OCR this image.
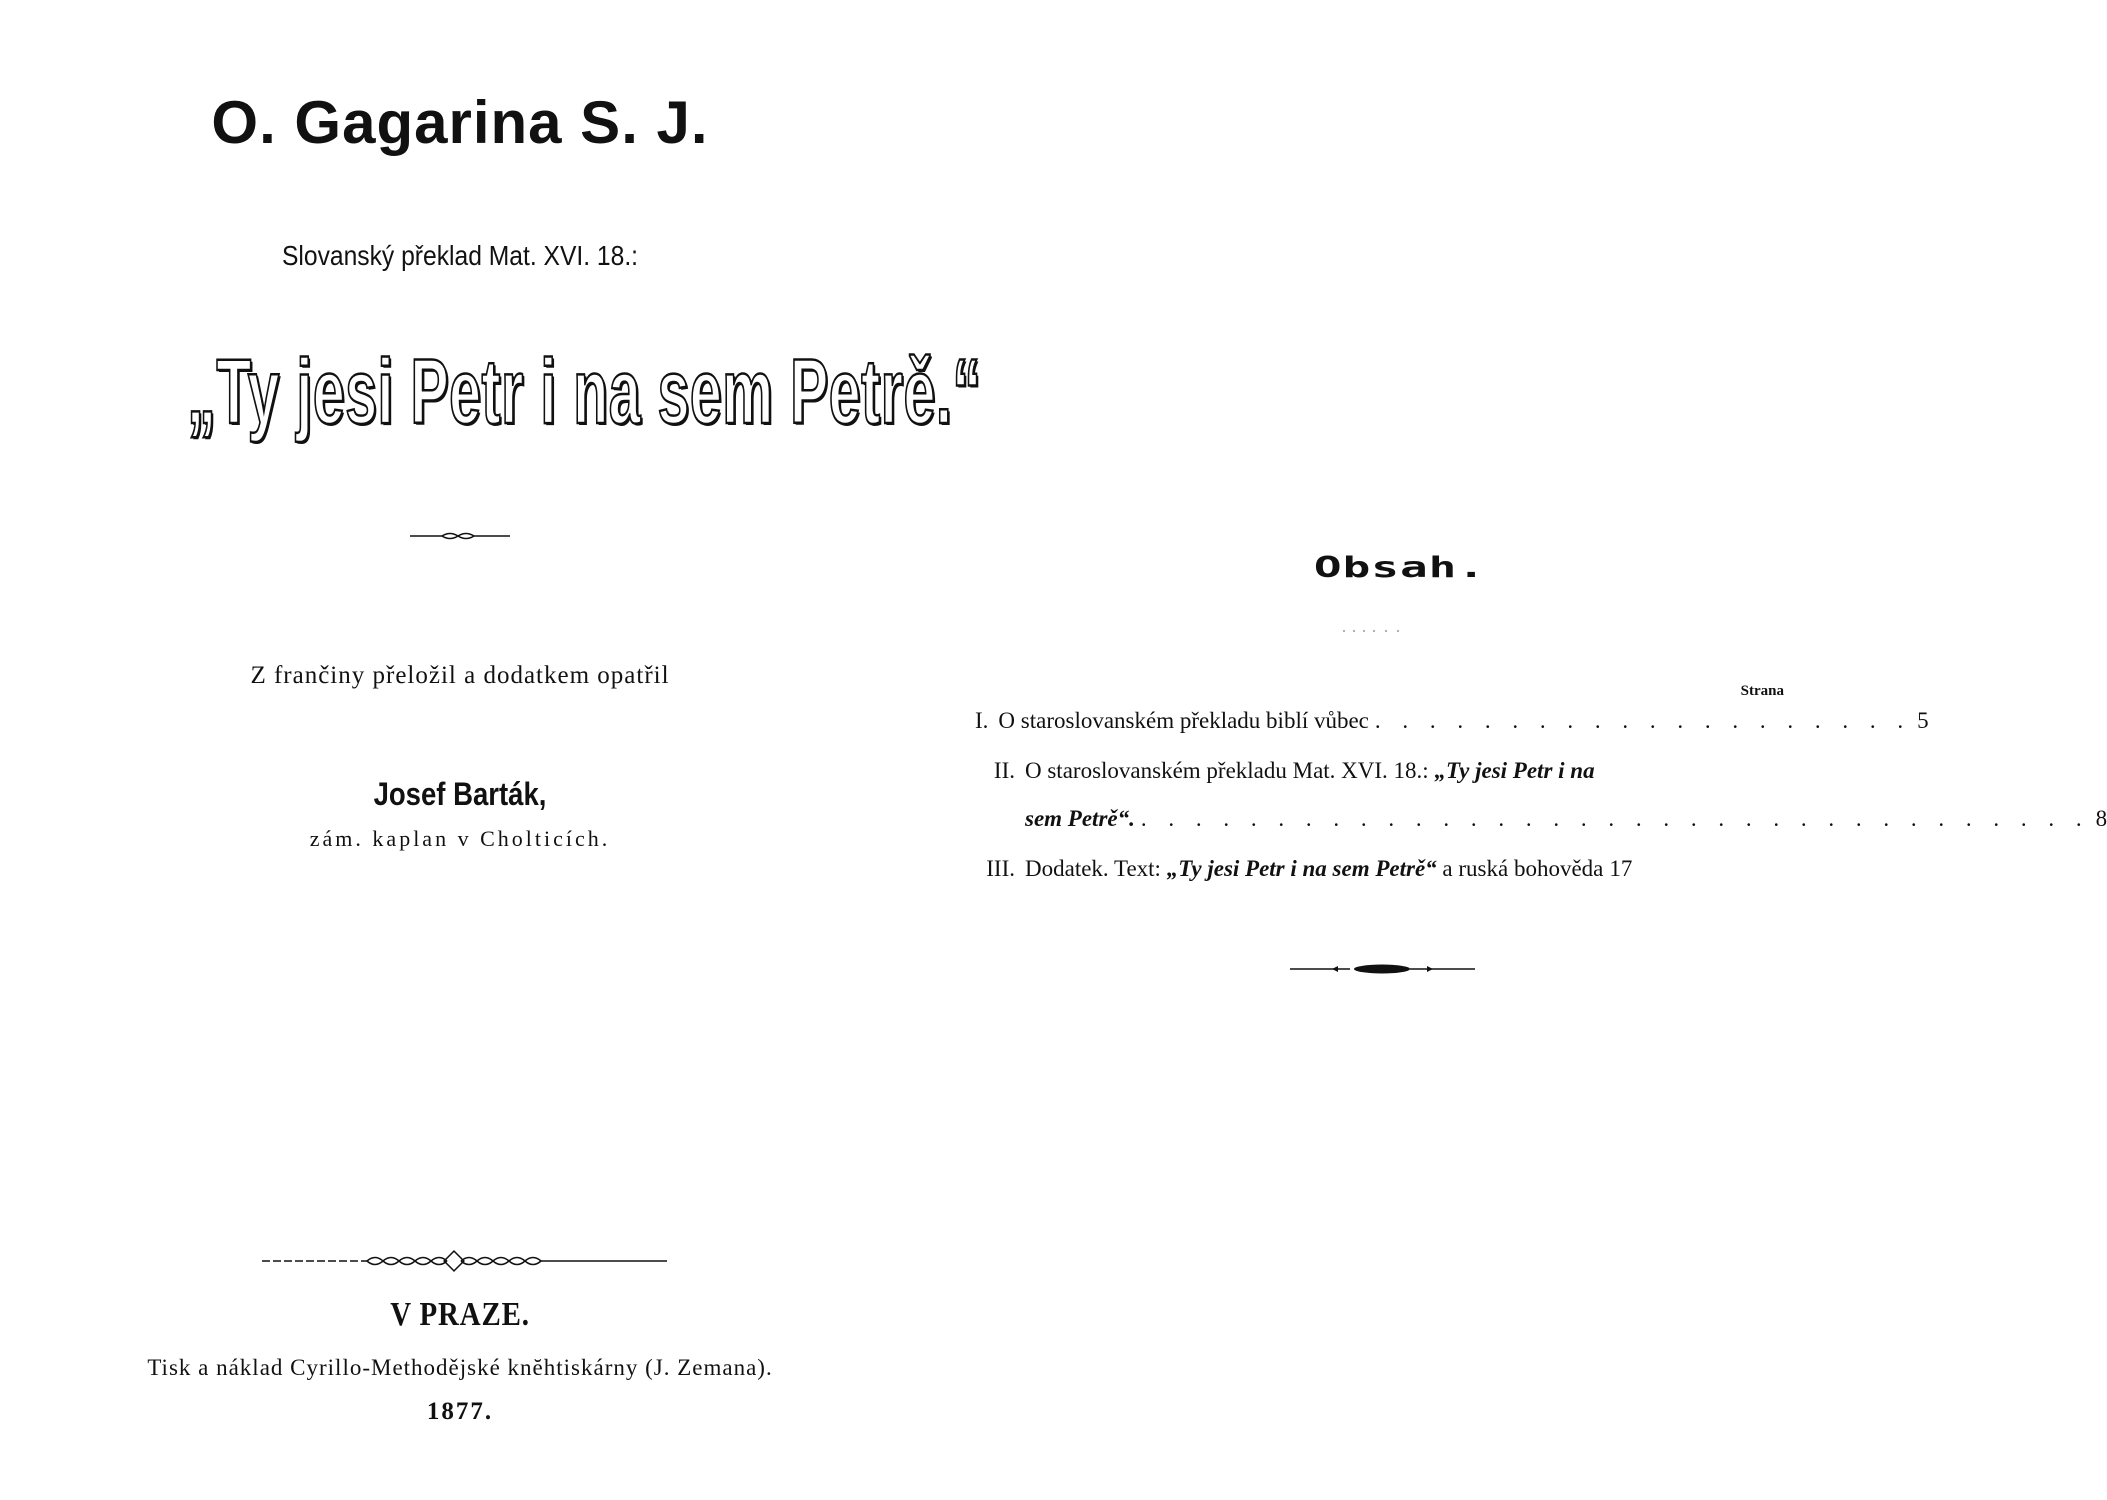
O. Gagarina S. J.
Slovanský překlad Mat. XVI. 18.:
„Ty jesi Petr i na sem Petrě.“
Z frančiny přeložil a dodatkem opatřil
Josef Barták,
zám. kaplan v Cholticích.
V PRAZE.
Tisk a náklad Cyrillo-Methodějské knĕhtiskárny (J. Zemana).
1877.
Obsah.
Strana
I. O staroslovanském překladu biblí vůbec . . . . . . . . . . . . . . . . . . . . 5
II. O staroslovanském překladu Mat. XVI. 18.: „Ty jesi Petr i na
sem Petrě“. . . . . . . . . . . . . . . . . . . . . . . . . . . . . . . . . . . . 8
III. Dodatek. Text: „Ty jesi Petr i na sem Petrě“ a ruská bohověda 17
